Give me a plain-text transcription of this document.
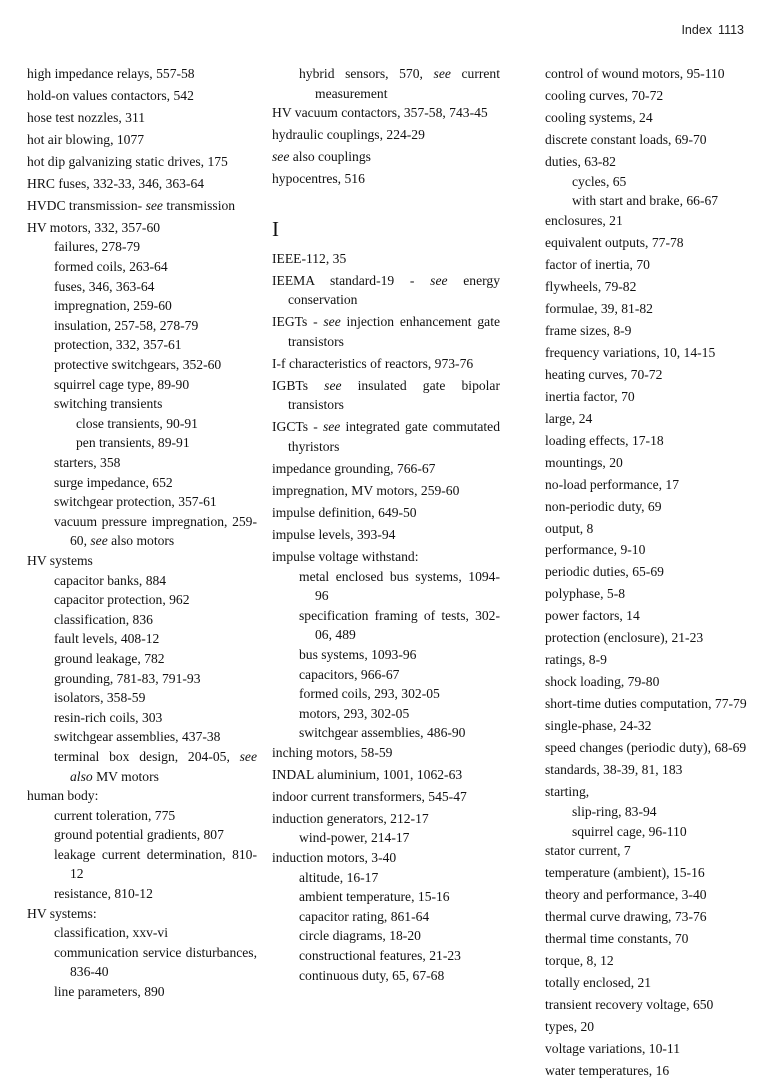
Index 1113
high impedance relays, 557-58
hold-on values contactors, 542
hose test nozzles, 311
hot air blowing, 1077
hot dip galvanizing static drives, 175
HRC fuses, 332-33, 346, 363-64
HVDC transmission- see transmission
HV motors, 332, 357-60
failures, 278-79
formed coils, 263-64
fuses, 346, 363-64
impregnation, 259-60
insulation, 257-58, 278-79
protection, 332, 357-61
protective switchgears, 352-60
squirrel cage type, 89-90
switching transients
close transients, 90-91
pen transients, 89-91
starters, 358
surge impedance, 652
switchgear protection, 357-61
vacuum pressure impregnation, 259-60, see also motors
HV systems
capacitor banks, 884
capacitor protection, 962
classification, 836
fault levels, 408-12
ground leakage, 782
grounding, 781-83, 791-93
isolators, 358-59
resin-rich coils, 303
switchgear assemblies, 437-38
terminal box design, 204-05, see also MV motors
human body:
current toleration, 775
ground potential gradients, 807
leakage current determination, 810-12
resistance, 810-12
HV systems:
classification, xxv-vi
communication service disturbances, 836-40
line parameters, 890
hybrid sensors, 570, see current measurement
HV vacuum contactors, 357-58, 743-45
hydraulic couplings, 224-29
see also couplings
hypocentres, 516
I
IEEE-112, 35
IEEMA standard-19 - see energy conservation
IEGTs - see injection enhancement gate transistors
I-f characteristics of reactors, 973-76
IGBTs see insulated gate bipolar transistors
IGCTs - see integrated gate commutated thyristors
impedance grounding, 766-67
impregnation, MV motors, 259-60
impulse definition, 649-50
impulse levels, 393-94
impulse voltage withstand:
metal enclosed bus systems, 1094-96
specification framing of tests, 302-06, 489
bus systems, 1093-96
capacitors, 966-67
formed coils, 293, 302-05
motors, 293, 302-05
switchgear assemblies, 486-90
inching motors, 58-59
INDAL aluminium, 1001, 1062-63
indoor current transformers, 545-47
induction generators, 212-17
wind-power, 214-17
induction motors, 3-40
altitude, 16-17
ambient temperature, 15-16
capacitor rating, 861-64
circle diagrams, 18-20
constructional features, 21-23
continuous duty, 65, 67-68
control of wound motors, 95-110
cooling curves, 70-72
cooling systems, 24
discrete constant loads, 69-70
duties, 63-82
cycles, 65
with start and brake, 66-67
enclosures, 21
equivalent outputs, 77-78
factor of inertia, 70
flywheels, 79-82
formulae, 39, 81-82
frame sizes, 8-9
frequency variations, 10, 14-15
heating curves, 70-72
inertia factor, 70
large, 24
loading effects, 17-18
mountings, 20
no-load performance, 17
non-periodic duty, 69
output, 8
performance, 9-10
periodic duties, 65-69
polyphase, 5-8
power factors, 14
protection (enclosure), 21-23
ratings, 8-9
shock loading, 79-80
short-time duties computation, 77-79
single-phase, 24-32
speed changes (periodic duty), 68-69
standards, 38-39, 81, 183
starting,
slip-ring, 83-94
squirrel cage, 96-110
stator current, 7
temperature (ambient), 15-16
theory and performance, 3-40
thermal curve drawing, 73-76
thermal time constants, 70
torque, 8, 12
totally enclosed, 21
transient recovery voltage, 650
types, 20
voltage variations, 10-11
water temperatures, 16
